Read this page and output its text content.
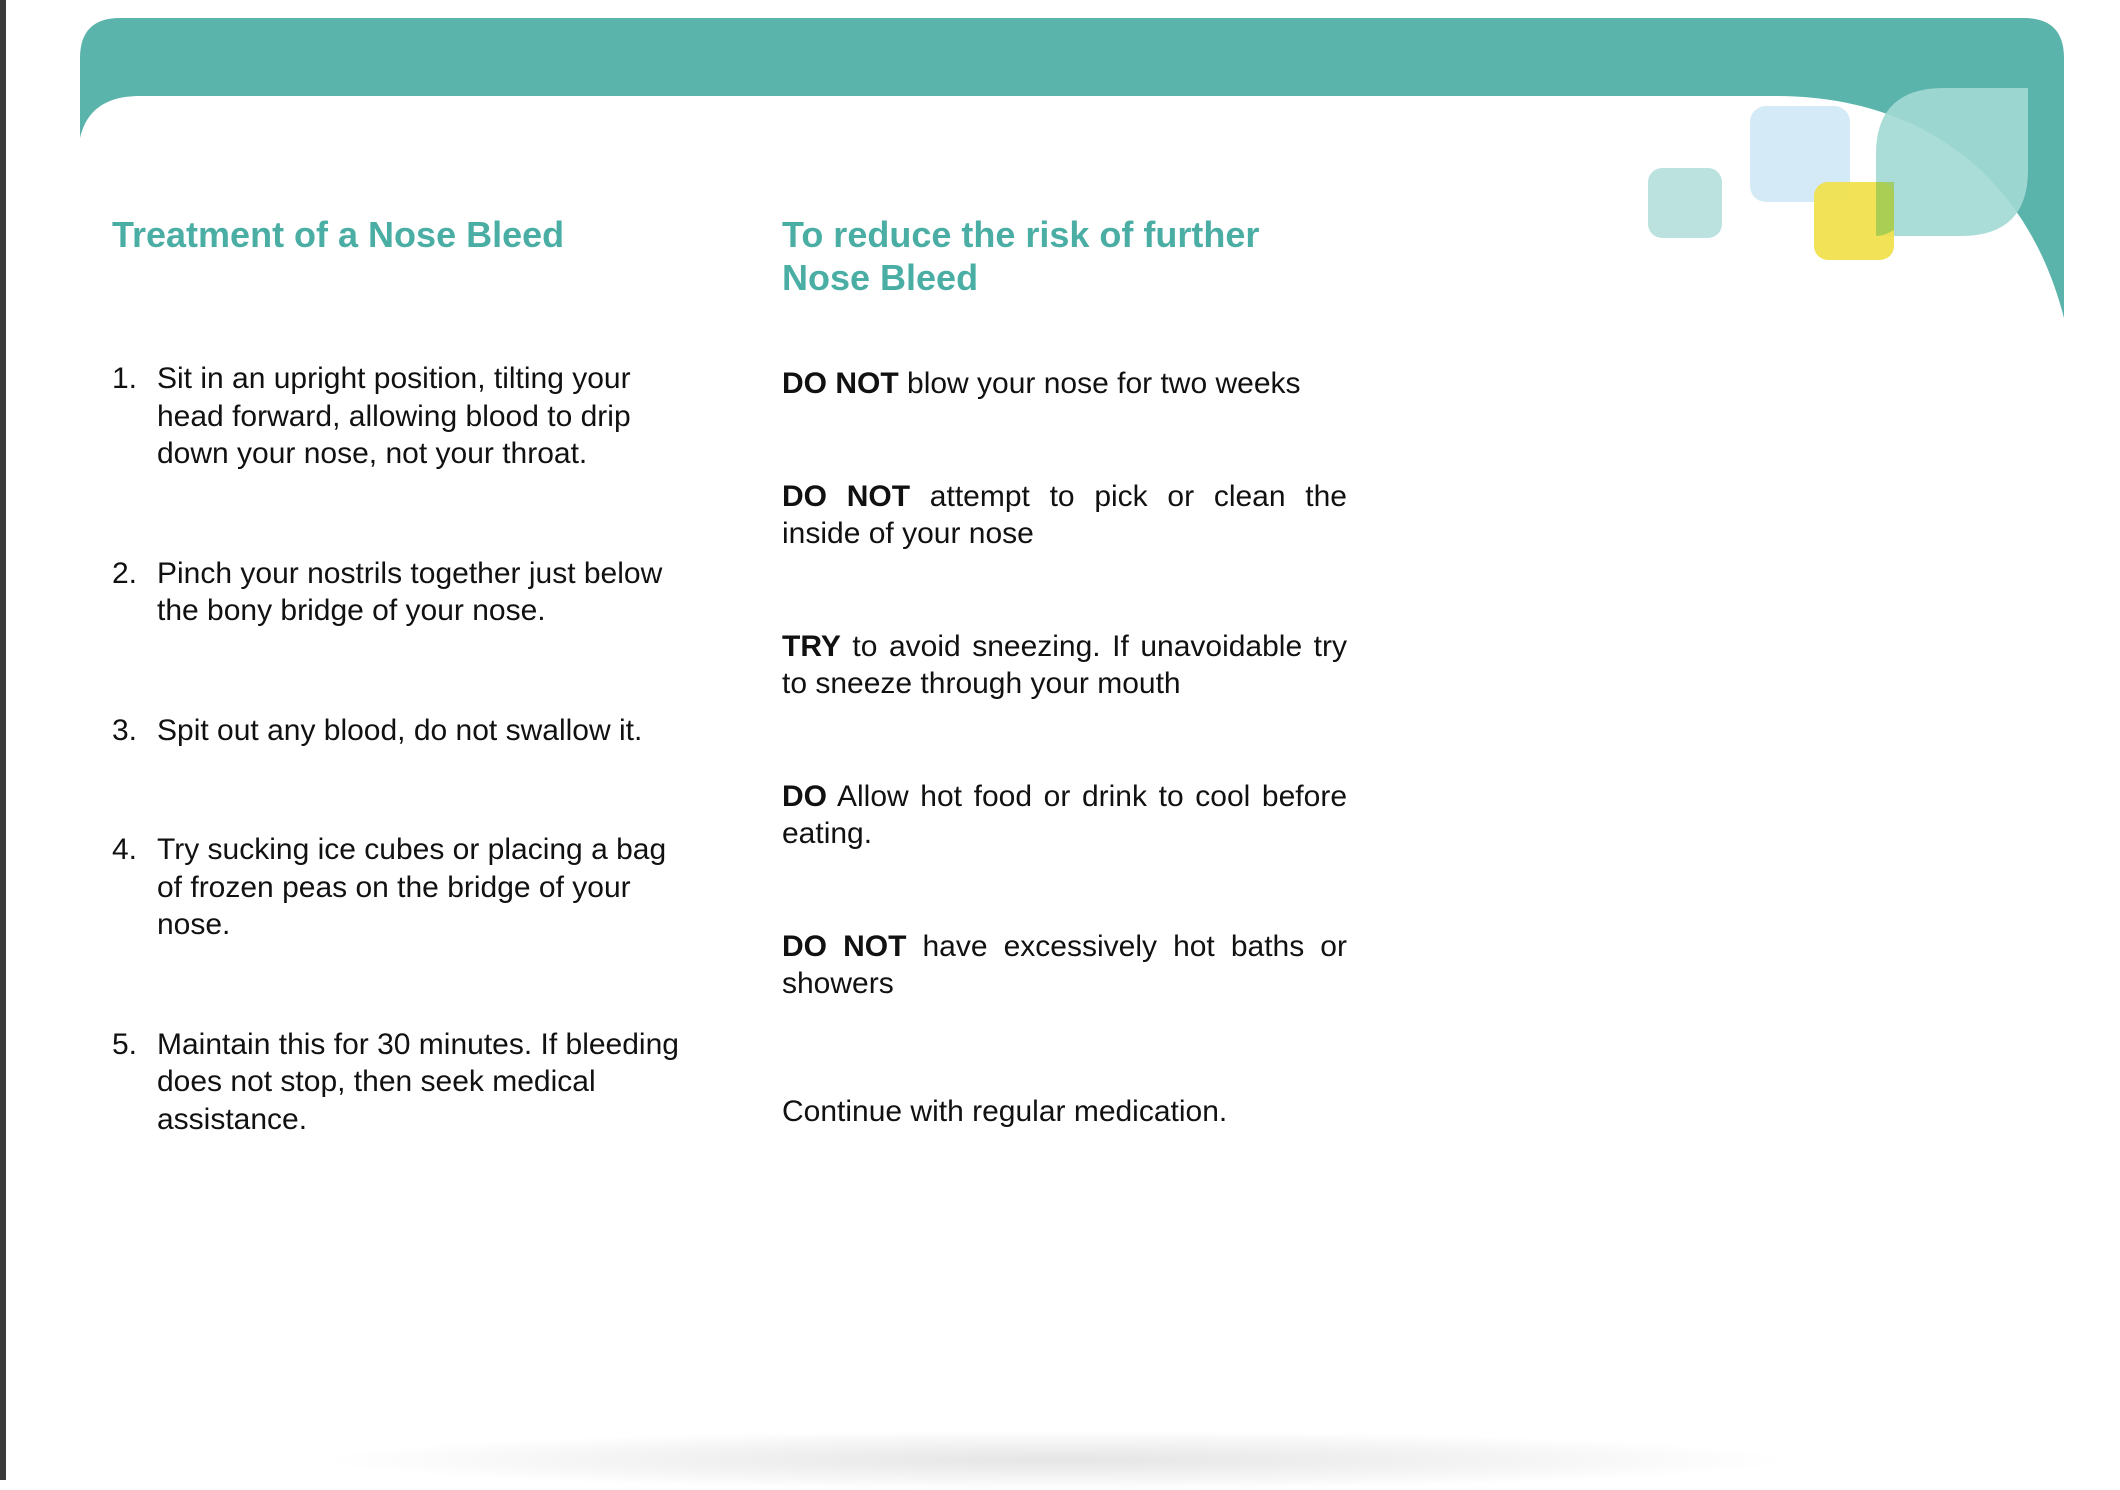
Treatment of a Nose Bleed	To reduce the risk of further
Nose Bleed
1. Sit in an upright position, tilting your head forward, allowing blood to drip down your nose, not your throat.
2. Pinch your nostrils together just below the bony bridge of your nose.
3. Spit out any blood, do not swallow it.
4. Try sucking ice cubes or placing a bag of frozen peas on the bridge of your nose.
5. Maintain this for 30 minutes. If bleeding does not stop, then seek medical assistance.

DO NOT blow your nose for two weeks

DO NOT attempt to pick or clean the inside of your nose

TRY to avoid sneezing. If unavoidable try to sneeze through your mouth

DO Allow hot food or drink to cool before eating.

DO NOT have excessively hot baths or showers

Continue with regular medication.
